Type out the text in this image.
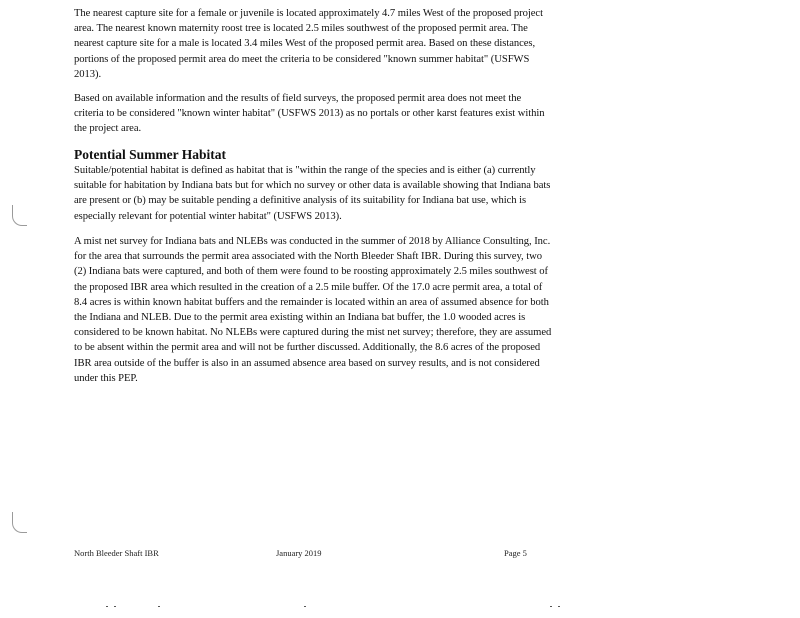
The nearest capture site for a female or juvenile is located approximately 4.7 miles West of the proposed project area. The nearest known maternity roost tree is located 2.5 miles southwest of the proposed permit area. The nearest capture site for a male is located 3.4 miles West of the proposed permit area. Based on these distances, portions of the proposed permit area do meet the criteria to be considered "known summer habitat" (USFWS 2013).

Based on available information and the results of field surveys, the proposed permit area does not meet the criteria to be considered "known winter habitat" (USFWS 2013) as no portals or other karst features exist within the project area.

Potential Summer Habitat

Suitable/potential habitat is defined as habitat that is "within the range of the species and is either (a) currently suitable for habitation by Indiana bats but for which no survey or other data is available showing that Indiana bats are present or (b) may be suitable pending a definitive analysis of its suitability for Indiana bat use, which is especially relevant for potential winter habitat" (USFWS 2013).

A mist net survey for Indiana bats and NLEBs was conducted in the summer of 2018 by Alliance Consulting, Inc. for the area that surrounds the permit area associated with the North Bleeder Shaft IBR. During this survey, two (2) Indiana bats were captured, and both of them were found to be roosting approximately 2.5 miles southwest of the proposed IBR area which resulted in the creation of a 2.5 mile buffer. Of the 17.0 acre permit area, a total of 8.4 acres is within known habitat buffers and the remainder is located within an area of assumed absence for both the Indiana and NLEB. Due to the permit area existing within an Indiana bat buffer, the 1.0 wooded acres is considered to be known habitat. No NLEBs were captured during the mist net survey; therefore, they are assumed to be absent within the permit area and will not be further discussed. Additionally, the 8.6 acres of the proposed IBR area outside of the buffer is also in an assumed absence area based on survey results, and is not considered under this PEP.

North Bleeder Shaft IBR	January 2019	Page 5
